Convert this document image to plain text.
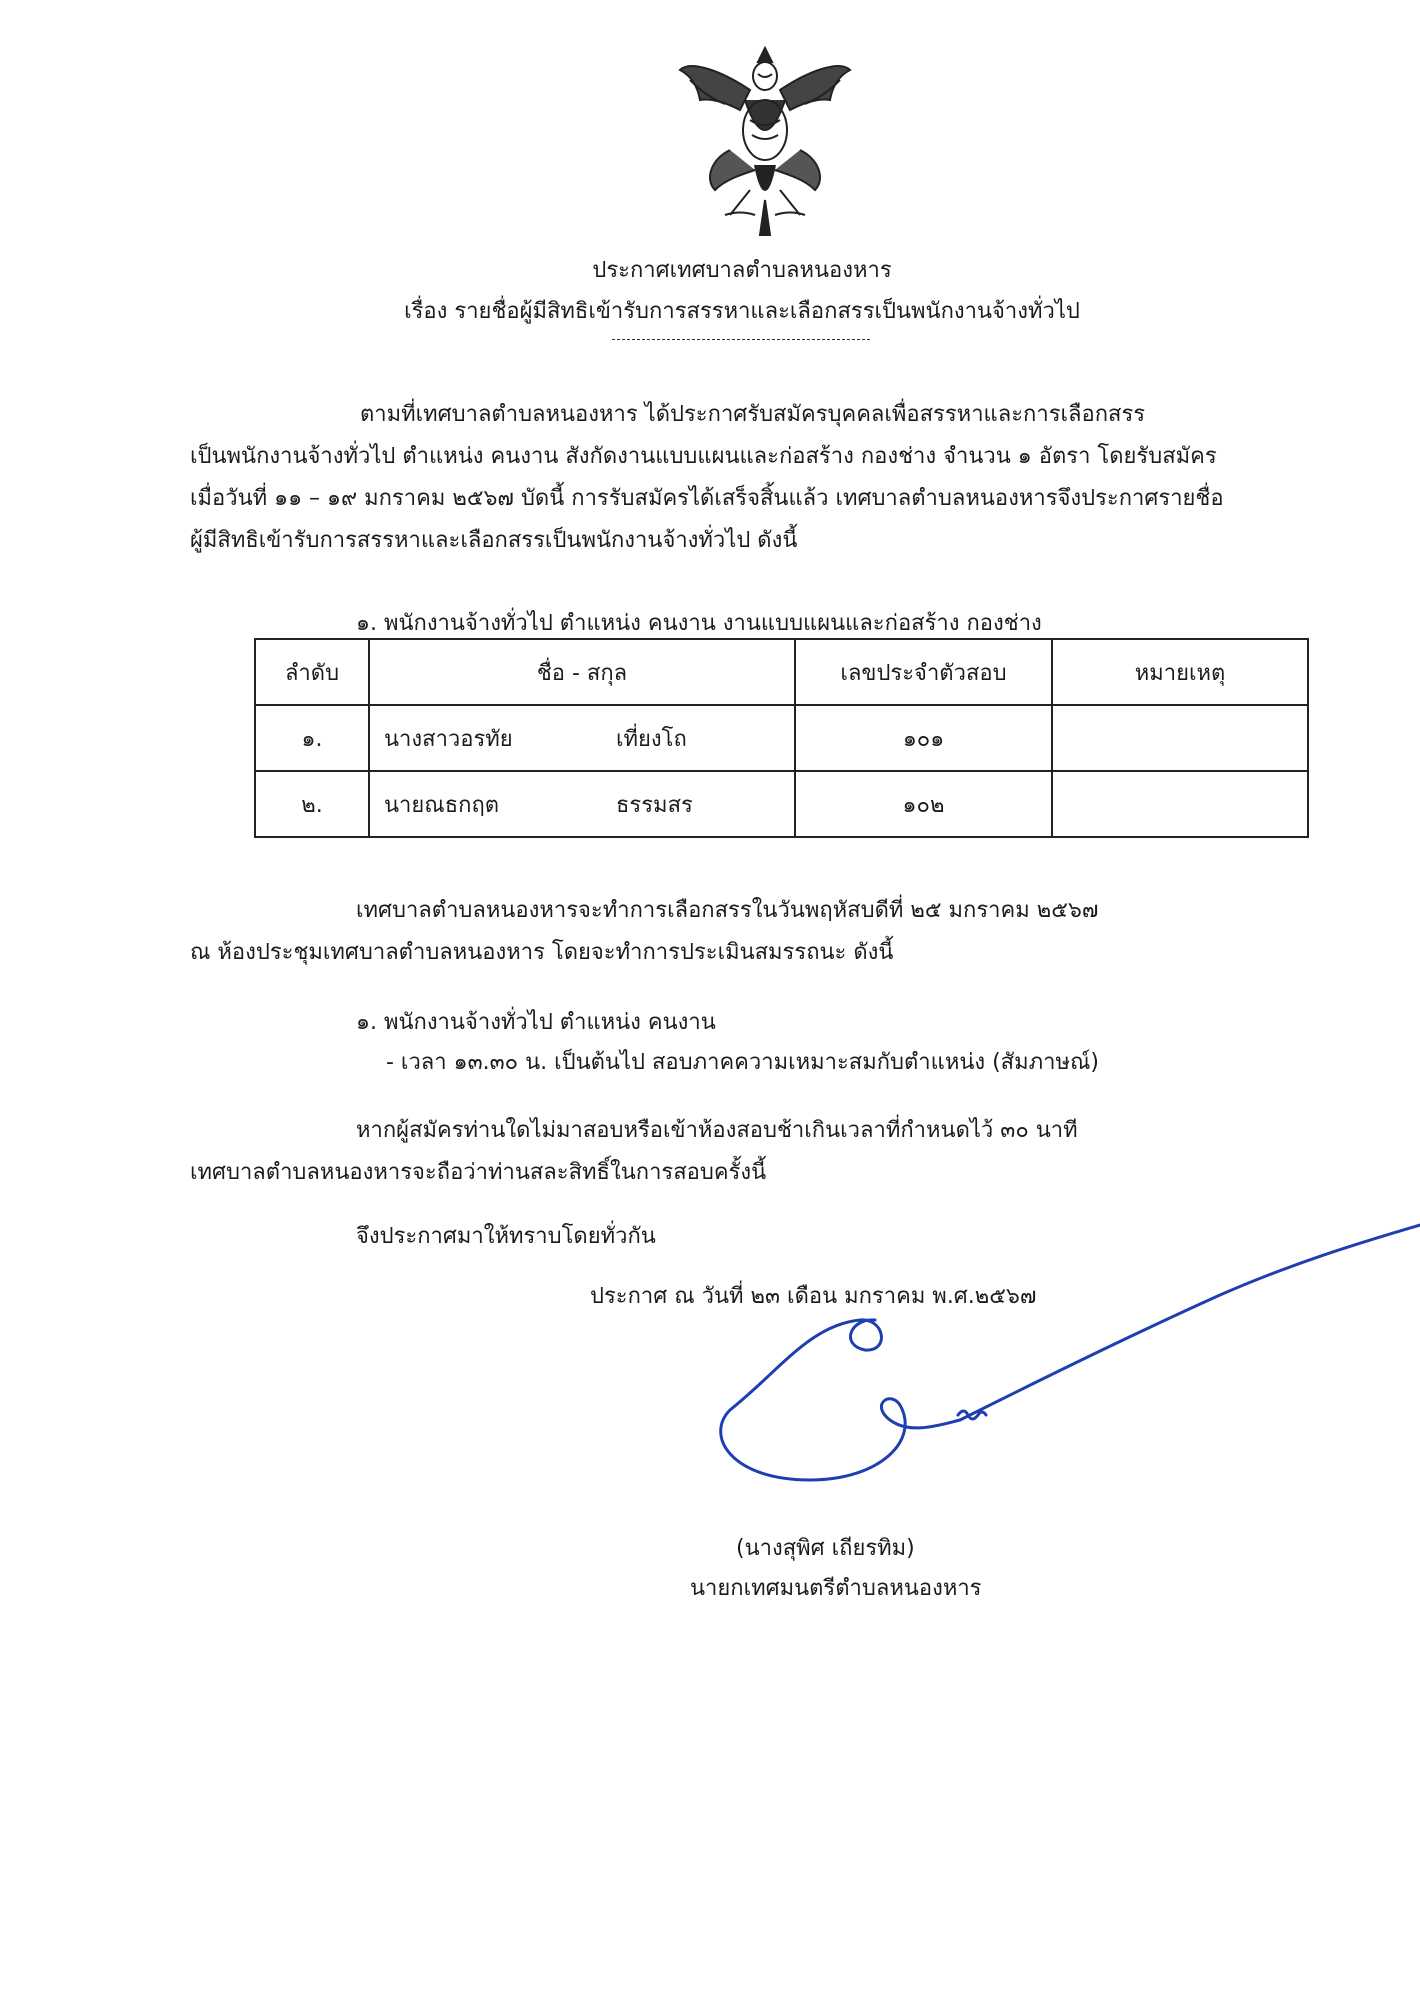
ประกาศเทศบาลตำบลหนองหาร
เรื่อง รายชื่อผู้มีสิทธิเข้ารับการสรรหาและเลือกสรรเป็นพนักงานจ้างทั่วไป
ตามที่เทศบาลตำบลหนองหาร ได้ประกาศรับสมัครบุคคลเพื่อสรรหาและการเลือกสรร
เป็นพนักงานจ้างทั่วไป ตำแหน่ง คนงาน สังกัดงานแบบแผนและก่อสร้าง กองช่าง จำนวน ๑ อัตรา โดยรับสมัคร
เมื่อวันที่ ๑๑ – ๑๙ มกราคม ๒๕๖๗ บัดนี้ การรับสมัครได้เสร็จสิ้นแล้ว เทศบาลตำบลหนองหารจึงประกาศรายชื่อ
ผู้มีสิทธิเข้ารับการสรรหาและเลือกสรรเป็นพนักงานจ้างทั่วไป ดังนี้
๑. พนักงานจ้างทั่วไป ตำแหน่ง คนงาน งานแบบแผนและก่อสร้าง กองช่าง
ลำดับ	ชื่อ - สกุล	เลขประจำตัวสอบ	หมายเหตุ
๑.	นางสาวอรทัย เที่ยงโถ	๑๐๑	
๒.	นายณธกฤต ธรรมสร	๑๐๒	
เทศบาลตำบลหนองหารจะทำการเลือกสรรในวันพฤหัสบดีที่ ๒๕ มกราคม ๒๕๖๗
ณ ห้องประชุมเทศบาลตำบลหนองหาร โดยจะทำการประเมินสมรรถนะ ดังนี้
๑. พนักงานจ้างทั่วไป ตำแหน่ง คนงาน
- เวลา ๑๓.๓๐ น. เป็นต้นไป สอบภาคความเหมาะสมกับตำแหน่ง (สัมภาษณ์)
หากผู้สมัครท่านใดไม่มาสอบหรือเข้าห้องสอบช้าเกินเวลาที่กำหนดไว้ ๓๐ นาที
เทศบาลตำบลหนองหารจะถือว่าท่านสละสิทธิ์ในการสอบครั้งนี้
จึงประกาศมาให้ทราบโดยทั่วกัน
ประกาศ ณ วันที่ ๒๓ เดือน มกราคม พ.ศ.๒๕๖๗
(นางสุพิศ เถียรทิม)
นายกเทศมนตรีตำบลหนองหาร
